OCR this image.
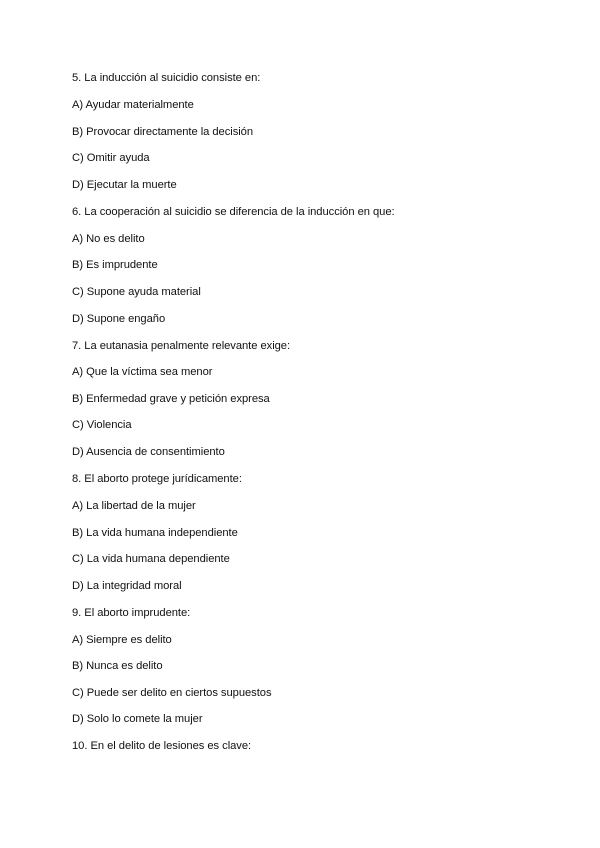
5. La inducción al suicidio consiste en:
A) Ayudar materialmente
B) Provocar directamente la decisión
C) Omitir ayuda
D) Ejecutar la muerte
6. La cooperación al suicidio se diferencia de la inducción en que:
A) No es delito
B) Es imprudente
C) Supone ayuda material
D) Supone engaño
7. La eutanasia penalmente relevante exige:
A) Que la víctima sea menor
B) Enfermedad grave y petición expresa
C) Violencia
D) Ausencia de consentimiento
8. El aborto protege jurídicamente:
A) La libertad de la mujer
B) La vida humana independiente
C) La vida humana dependiente
D) La integridad moral
9. El aborto imprudente:
A) Siempre es delito
B) Nunca es delito
C) Puede ser delito en ciertos supuestos
D) Solo lo comete la mujer
10. En el delito de lesiones es clave:
